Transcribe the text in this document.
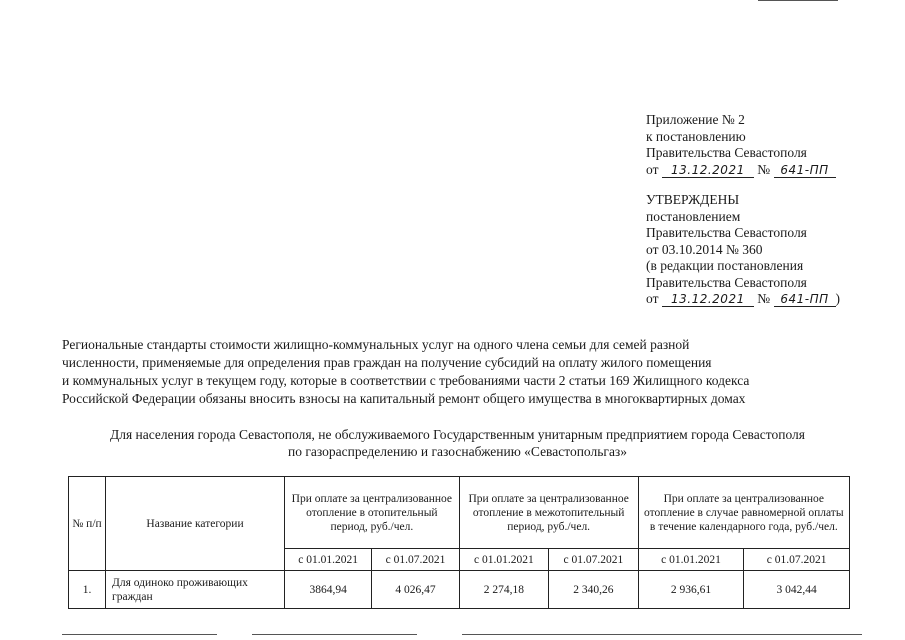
Приложение № 2
к постановлению
Правительства Севастополя
от 13.12.2021 № 641-ПП
УТВЕРЖДЕНЫ
постановлением
Правительства Севастополя
от 03.10.2014 № 360
(в редакции постановления
Правительства Севастополя
от 13.12.2021 № 641-ПП )
Региональные стандарты стоимости жилищно-коммунальных услуг на одного члена семьи для семей разной
численности, применяемые для определения прав граждан на получение субсидий на оплату жилого помещения
и коммунальных услуг в текущем году, которые в соответствии с требованиями части 2 статьи 169 Жилищного кодекса
Российской Федерации обязаны вносить взносы на капитальный ремонт общего имущества в многоквартирных домах
Для населения города Севастополя, не обслуживаемого Государственным унитарным предприятием города Севастополя
по газораспределению и газоснабжению «Севастопольгаз»
№ п/п	Название категории	При оплате за централизованное отопление в отопительный период, руб./чел.		При оплате за централизованное отопление в межотопительный период, руб./чел.		При оплате за централизованное отопление в случае равномерной оплаты в течение календарного года, руб./чел.	
		с 01.01.2021	с 01.07.2021	с 01.01.2021	с 01.07.2021	с 01.01.2021	с 01.07.2021
1.	Для одиноко проживающих граждан	3864,94	4 026,47	2 274,18	2 340,26	2 936,61	3 042,44
